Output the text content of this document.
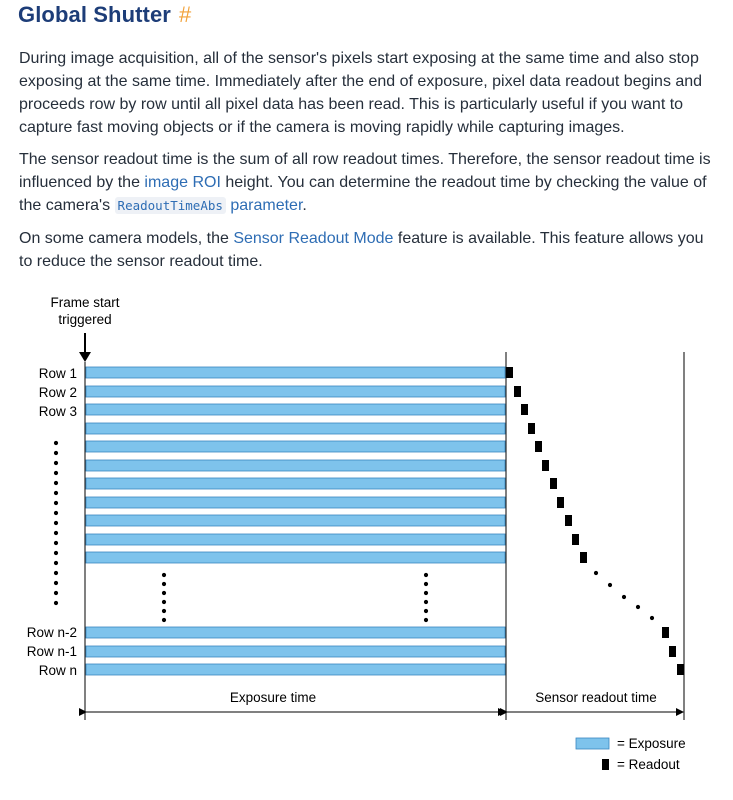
Global Shutter #

During image acquisition, all of the sensor's pixels start exposing at the same time and also stop exposing at the same time. Immediately after the end of exposure, pixel data readout begins and proceeds row by row until all pixel data has been read. This is particularly useful if you want to capture fast moving objects or if the camera is moving rapidly while capturing images.

The sensor readout time is the sum of all row readout times. Therefore, the sensor readout time is influenced by the image ROI height. You can determine the readout time by checking the value of the camera's ReadoutTimeAbs parameter.

On some camera models, the Sensor Readout Mode feature is available. This feature allows you to reduce the sensor readout time.

Frame start
triggered
Row 1
Row 2
Row 3
Row n-2
Row n-1
Row n
Exposure time	Sensor readout time
= Exposure
= Readout
